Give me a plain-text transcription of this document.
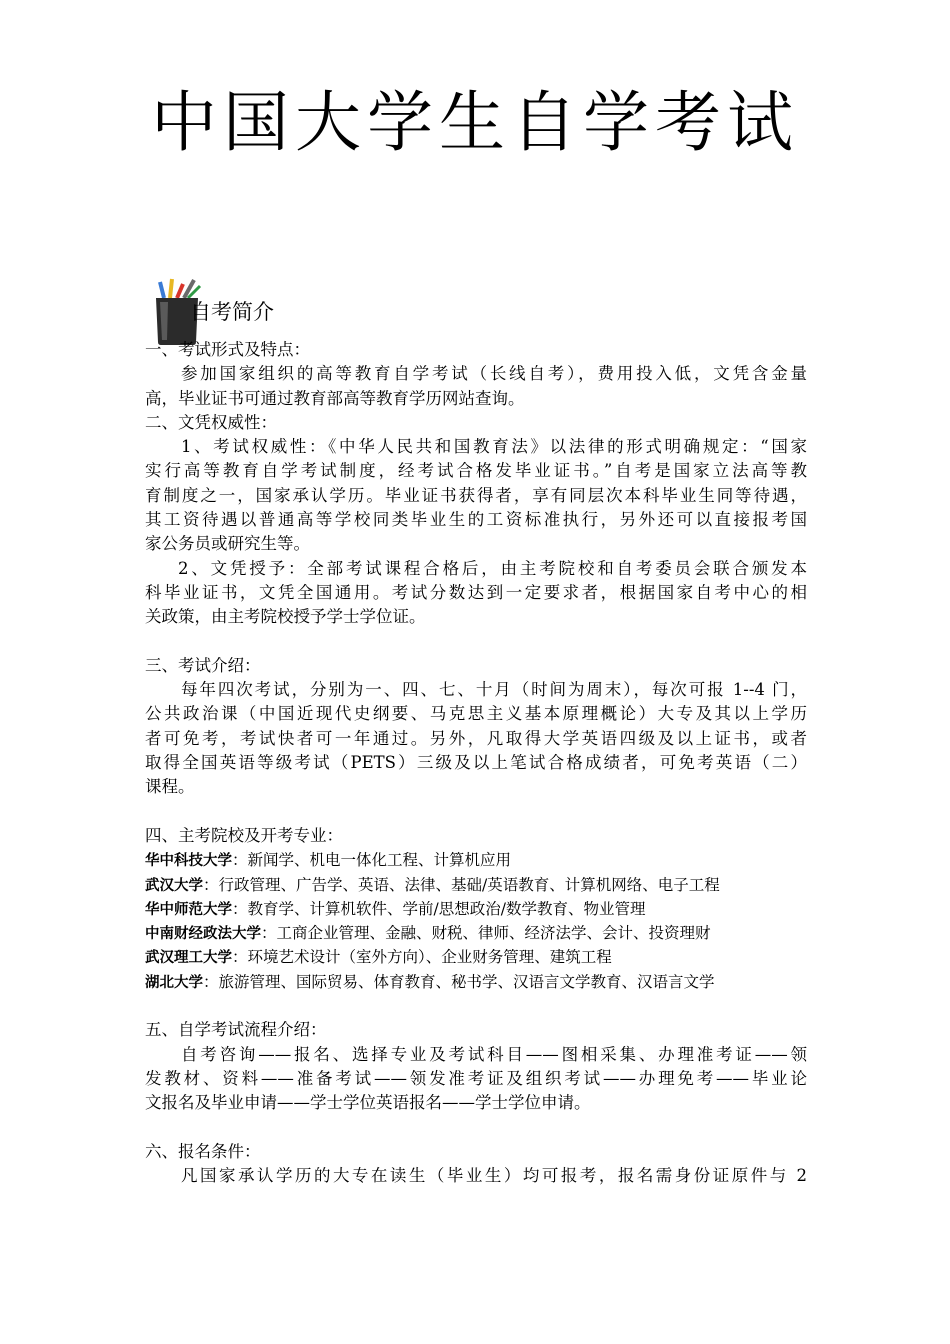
中国大学生自学考试
自考简介
一、考试形式及特点：
参加国家组织的高等教育自学考试（长线自考），费用投入低，文凭含金量
高，毕业证书可通过教育部高等教育学历网站查询。
二、文凭权威性：
1、考试权威性：《中华人民共和国教育法》以法律的形式明确规定：“国家
实行高等教育自学考试制度，经考试合格发毕业证书。”自考是国家立法高等教
育制度之一，国家承认学历。毕业证书获得者，享有同层次本科毕业生同等待遇，
其工资待遇以普通高等学校同类毕业生的工资标准执行，另外还可以直接报考国
家公务员或研究生等。
2、文凭授予：全部考试课程合格后，由主考院校和自考委员会联合颁发本
科毕业证书，文凭全国通用。考试分数达到一定要求者，根据国家自考中心的相
关政策，由主考院校授予学士学位证。
三、考试介绍：
每年四次考试，分别为一、四、七、十月（时间为周末），每次可报 1--4 门，
公共政治课（中国近现代史纲要、马克思主义基本原理概论）大专及其以上学历
者可免考，考试快者可一年通过。另外，凡取得大学英语四级及以上证书，或者
取得全国英语等级考试（PETS）三级及以上笔试合格成绩者，可免考英语（二）
课程。
四、主考院校及开考专业：
华中科技大学：新闻学、机电一体化工程、计算机应用
武汉大学：行政管理、广告学、英语、法律、基础/英语教育、计算机网络、电子工程
华中师范大学：教育学、计算机软件、学前/思想政治/数学教育、物业管理
中南财经政法大学：工商企业管理、金融、财税、律师、经济法学、会计、投资理财
武汉理工大学：环境艺术设计（室外方向）、企业财务管理、建筑工程
湖北大学：旅游管理、国际贸易、体育教育、秘书学、汉语言文学教育、汉语言文学
五、自学考试流程介绍：
自考咨询——报名、选择专业及考试科目——图相采集、办理准考证——领
发教材、资料——准备考试——领发准考证及组织考试——办理免考——毕业论
文报名及毕业申请——学士学位英语报名——学士学位申请。
六、报名条件：
凡国家承认学历的大专在读生（毕业生）均可报考，报名需身份证原件与 2
